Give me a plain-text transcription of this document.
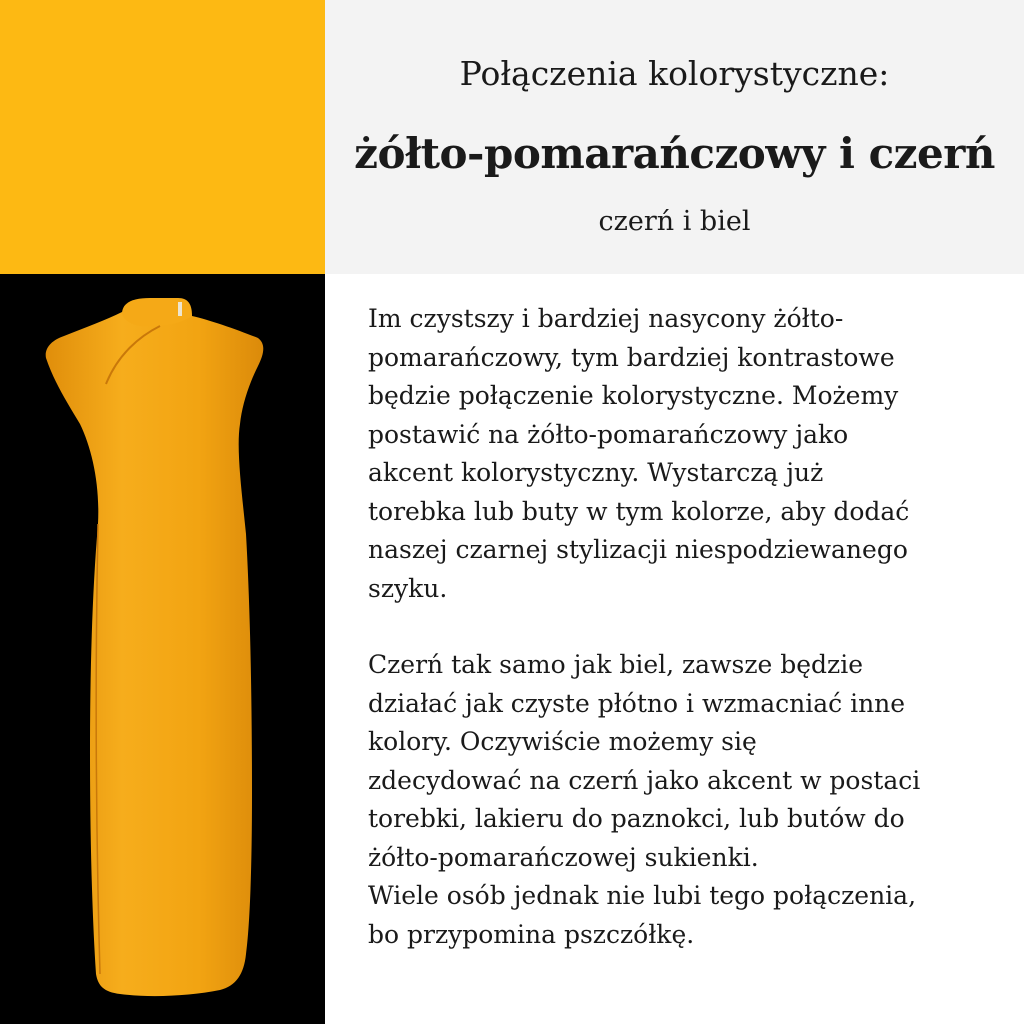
Połączenia kolorystyczne:
żółto-pomarańczowy i czerń
czerń i biel

Im czystszy i bardziej nasycony żółto-
pomarańczowy, tym bardziej kontrastowe
będzie połączenie kolorystyczne. Możemy
postawić na żółto-pomarańczowy jako
akcent kolorystyczny. Wystarczą już
torebka lub buty w tym kolorze, aby dodać
naszej czarnej stylizacji niespodziewanego
szyku.

Czerń tak samo jak biel, zawsze będzie
działać jak czyste płótno i wzmacniać inne
kolory. Oczywiście możemy się
zdecydować na czerń jako akcent w postaci
torebki, lakieru do paznokci, lub butów do
żółto-pomarańczowej sukienki.
Wiele osób jednak nie lubi tego połączenia,
bo przypomina pszczółkę.
